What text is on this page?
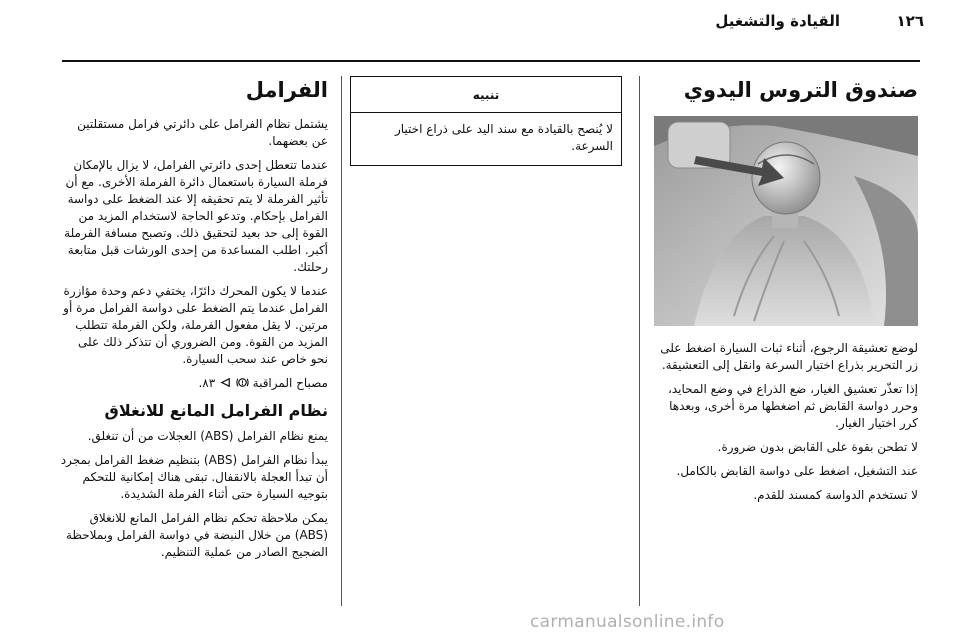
القيادة والتشغيل	١٢٦
صندوق التروس اليدوي

لوضع تعشيقة الرجوع، أثناء ثبات السيارة اضغط على زر التحرير بذراع اختيار السرعة وانقل إلى التعشيقة.

إذا تعذّر تعشيق الغيار، ضع الذراع في وضع المحايد، وحرر دواسة القابض ثم اضغطها مرة أخرى، وبعدها كرر اختيار الغيار.

لا تطحن بقوة على القابض بدون ضرورة.

عند التشغيل، اضغط على دواسة القابض بالكامل.

لا تستخدم الدواسة كمسند للقدم.

تنبيه
لا يُنصح بالقيادة مع سند اليد على ذراع اختيار السرعة.
الفرامل

يشتمل نظام الفرامل على دائرتي فرامل مستقلتين عن بعضهما.

عندما تتعطل إحدى دائرتي الفرامل، لا يزال بالإمكان فرملة السيارة باستعمال دائرة الفرملة الأخرى. مع أن تأثير الفرملة لا يتم تحقيقه إلا عند الضغط على دواسة الفرامل بإحكام. وتدعو الحاجة لاستخدام المزيد من القوة إلى حد بعيد لتحقيق ذلك. وتصبح مسافة الفرملة أكبر. اطلب المساعدة من إحدى الورشات قبل متابعة رحلتك.

عندما لا يكون المحرك دائرًا، يختفي دعم وحدة مؤازرة الفرامل عندما يتم الضغط على دواسة الفرامل مرة أو مرتين. لا يقل مفعول الفرملة، ولكن الفرملة تتطلب المزيد من القوة. ومن الضروري أن تتذكر ذلك على نحو خاص عند سحب السيارة.

مصباح المراقبة
!
٨٣.

نظام الفرامل المانع للانغلاق

يمنع نظام الفرامل (ABS) العجلات من أن تنغلق.

يبدأ نظام الفرامل (ABS) بتنظيم ضغط الفرامل بمجرد أن تبدأ العجلة بالانقفال. تبقى هناك إمكانية للتحكم بتوجيه السيارة حتى أثناء الفرملة الشديدة.

يمكن ملاحظة تحكم نظام الفرامل المانع للانغلاق (ABS) من خلال النبضة في دواسة الفرامل وبملاحظة الضجيج الصادر من عملية التنظيم.

carmanualsonline.info
